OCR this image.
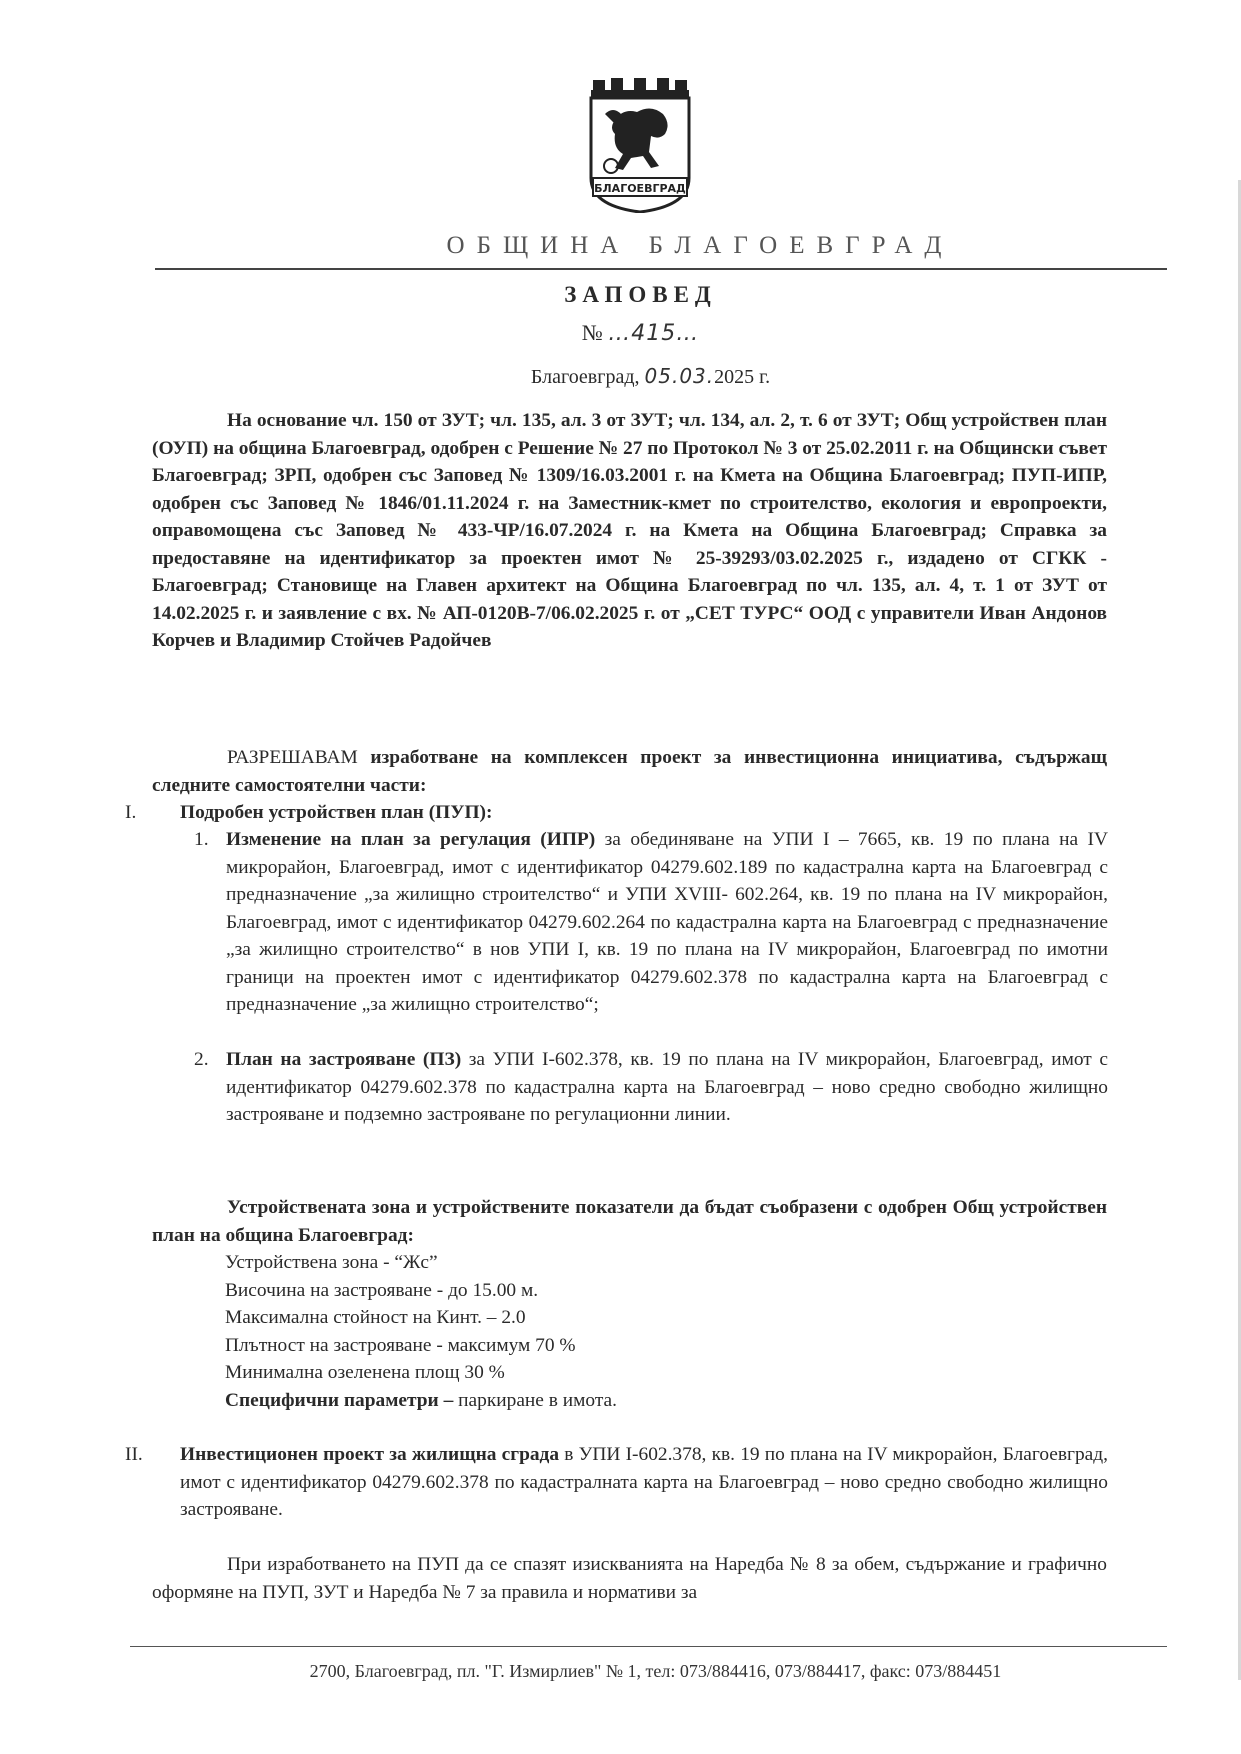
БЛАГОЕВГРАД
ОБЩИНА БЛАГОЕВГРАД
ЗАПОВЕД
№ …415…
Благоевград, 05.03.2025 г.
На основание чл. 150 от ЗУТ; чл. 135, ал. 3 от ЗУТ; чл. 134, ал. 2, т. 6 от ЗУТ; Общ устройствен план (ОУП) на община Благоевград, одобрен с Решение № 27 по Протокол № 3 от 25.02.2011 г. на Общински съвет Благоевград; ЗРП, одобрен със Заповед № 1309/16.03.2001 г. на Кмета на Община Благоевград; ПУП-ИПР, одобрен със Заповед № 1846/01.11.2024 г. на Заместник-кмет по строителство, екология и европроекти, оправомощена със Заповед № 433-ЧР/16.07.2024 г. на Кмета на Община Благоевград; Справка за предоставяне на идентификатор за проектен имот № 25-39293/03.02.2025 г., издадено от СГКК - Благоевград; Становище на Главен архитект на Община Благоевград по чл. 135, ал. 4, т. 1 от ЗУТ от 14.02.2025 г. и заявление с вх. № АП-0120В-7/06.02.2025 г. от „СЕТ ТУРС“ ООД с управители Иван Андонов Корчев и Владимир Стойчев Радойчев
РАЗРЕШАВАМ изработване на комплексен проект за инвестиционна инициатива, съдържащ следните самостоятелни части:
I. Подробен устройствен план (ПУП):
1. Изменение на план за регулация (ИПР) за обединяване на УПИ I – 7665, кв. 19 по плана на IV микрорайон, Благоевград, имот с идентификатор 04279.602.189 по кадастрална карта на Благоевград с предназначение „за жилищно строителство“ и УПИ XVIII- 602.264, кв. 19 по плана на IV микрорайон, Благоевград, имот с идентификатор 04279.602.264 по кадастрална карта на Благоевград с предназначение „за жилищно строителство“ в нов УПИ I, кв. 19 по плана на IV микрорайон, Благоевград по имотни граници на проектен имот с идентификатор 04279.602.378 по кадастрална карта на Благоевград с предназначение „за жилищно строителство“;
2. План на застрояване (ПЗ) за УПИ I-602.378, кв. 19 по плана на IV микрорайон, Благоевград, имот с идентификатор 04279.602.378 по кадастрална карта на Благоевград – ново средно свободно жилищно застрояване и подземно застрояване по регулационни линии.
Устройствената зона и устройствените показатели да бъдат съобразени с одобрен Общ устройствен план на община Благоевград:
Устройствена зона - “Жс”
Височина на застрояване - до 15.00 м.
Максимална стойност на Кинт. – 2.0
Плътност на застрояване - максимум 70 %
Минимална озеленена площ 30 %
Специфични параметри – паркиране в имота.
II. Инвестиционен проект за жилищна сграда в УПИ I-602.378, кв. 19 по плана на IV микрорайон, Благоевград, имот с идентификатор 04279.602.378 по кадастралната карта на Благоевград – ново средно свободно жилищно застрояване.
При изработването на ПУП да се спазят изискванията на Наредба № 8 за обем, съдържание и графично оформяне на ПУП, ЗУТ и Наредба № 7 за правила и нормативи за
2700, Благоевград, пл. "Г. Измирлиев" № 1, тел: 073/884416, 073/884417, факс: 073/884451
